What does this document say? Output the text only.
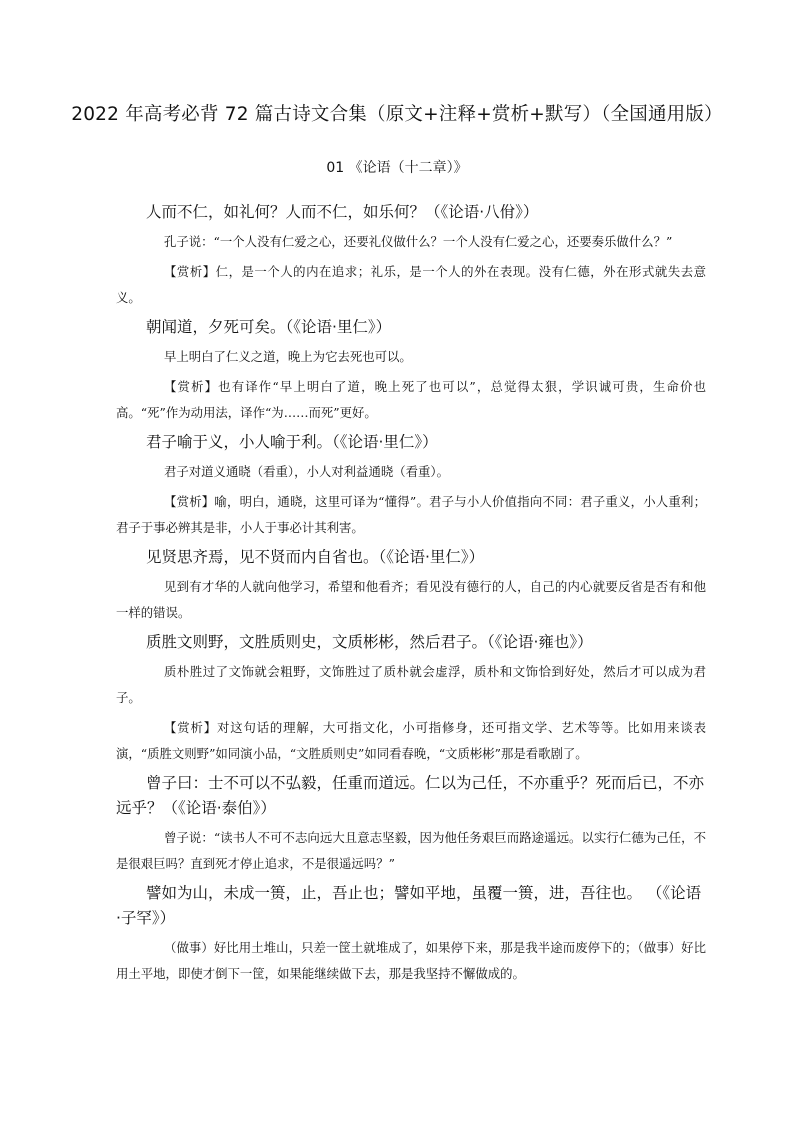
2022 年高考必背 72 篇古诗文合集（原文+注释+赏析+默写）（全国通用版）
01 《论语（十二章）》

人而不仁，如礼何？人而不仁，如乐何？（《论语·八佾》）

孔子说：“一个人没有仁爱之心，还要礼仪做什么？一个人没有仁爱之心，还要奏乐做什么？”

【赏析】仁，是一个人的内在追求；礼乐，是一个人的外在表现。没有仁德，外在形式就失去意义。

朝闻道，夕死可矣。（《论语·里仁》）

早上明白了仁义之道，晚上为它去死也可以。

【赏析】也有译作“早上明白了道，晚上死了也可以”，总觉得太狠，学识诚可贵，生命价也高。“死”作为动用法，译作“为……而死”更好。

君子喻于义，小人喻于利。（《论语·里仁》）

君子对道义通晓（看重），小人对利益通晓（看重）。

【赏析】喻，明白，通晓，这里可译为“懂得”。君子与小人价值指向不同：君子重义，小人重利；君子于事必辨其是非，小人于事必计其利害。

见贤思齐焉，见不贤而内自省也。（《论语·里仁》）

见到有才华的人就向他学习，希望和他看齐；看见没有德行的人，自己的内心就要反省是否有和他一样的错误。

质胜文则野，文胜质则史，文质彬彬，然后君子。（《论语·雍也》）

质朴胜过了文饰就会粗野，文饰胜过了质朴就会虚浮，质朴和文饰恰到好处，然后才可以成为君子。

【赏析】对这句话的理解，大可指文化，小可指修身，还可指文学、艺术等等。比如用来谈表演，“质胜文则野”如同演小品，“文胜质则史”如同看春晚，“文质彬彬”那是看歌剧了。

曾子曰：士不可以不弘毅，任重而道远。仁以为己任，不亦重乎？死而后已，不亦远乎？（《论语·泰伯》）

曾子说：“读书人不可不志向远大且意志坚毅，因为他任务艰巨而路途遥远。以实行仁德为己任，不是很艰巨吗？直到死才停止追求，不是很遥远吗？”

譬如为山，未成一篑，止，吾止也；譬如平地，虽覆一篑，进，吾往也。 （《论语·子罕》）

（做事）好比用土堆山，只差一筐土就堆成了，如果停下来，那是我半途而废停下的；（做事）好比用土平地，即使才倒下一筐，如果能继续做下去，那是我坚持不懈做成的。
